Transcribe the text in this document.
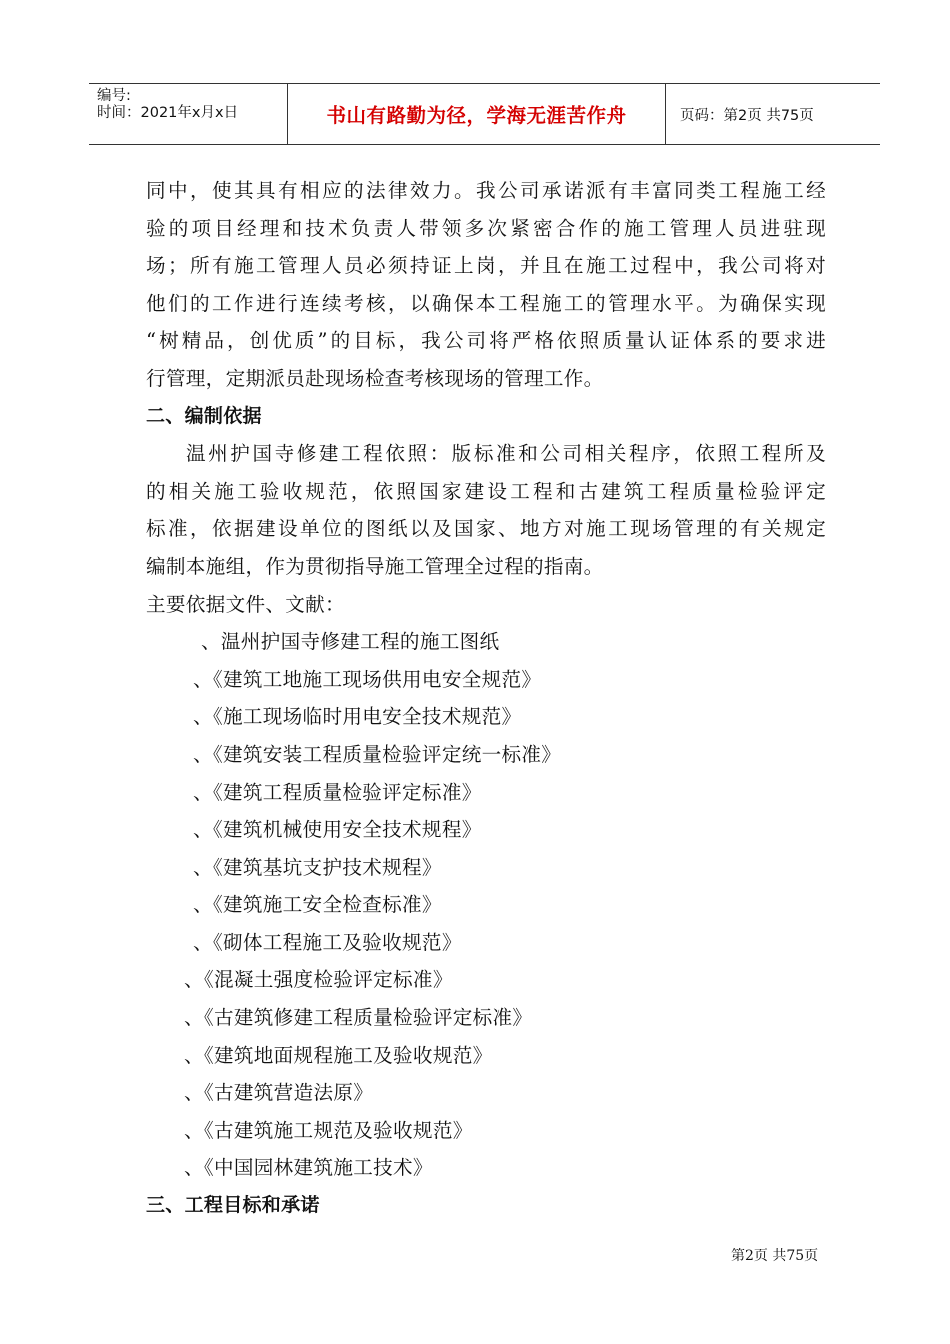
编号:
时间：2021年x月x日	书山有路勤为径，学海无涯苦作舟	页码：第2页 共75页
同中，使其具有相应的法律效力。我公司承诺派有丰富同类工程施工经
验的项目经理和技术负责人带领多次紧密合作的施工管理人员进驻现
场；所有施工管理人员必须持证上岗，并且在施工过程中，我公司将对
他们的工作进行连续考核，以确保本工程施工的管理水平。为确保实现
“树精品，创优质”的目标，我公司将严格依照质量认证体系的要求进
行管理，定期派员赴现场检查考核现场的管理工作。
二、编制依据
温州护国寺修建工程依照：版标准和公司相关程序，依照工程所及
的相关施工验收规范，依照国家建设工程和古建筑工程质量检验评定
标准，依据建设单位的图纸以及国家、地方对施工现场管理的有关规定
编制本施组，作为贯彻指导施工管理全过程的指南。
主要依据文件、文献：
、温州护国寺修建工程的施工图纸
、《建筑工地施工现场供用电安全规范》
、《施工现场临时用电安全技术规范》
、《建筑安装工程质量检验评定统一标准》
、《建筑工程质量检验评定标准》
、《建筑机械使用安全技术规程》
、《建筑基坑支护技术规程》
、《建筑施工安全检查标准》
、《砌体工程施工及验收规范》
、《混凝土强度检验评定标准》
、《古建筑修建工程质量检验评定标准》
、《建筑地面规程施工及验收规范》
、《古建筑营造法原》
、《古建筑施工规范及验收规范》
、《中国园林建筑施工技术》
三、工程目标和承诺
第2页 共75页
